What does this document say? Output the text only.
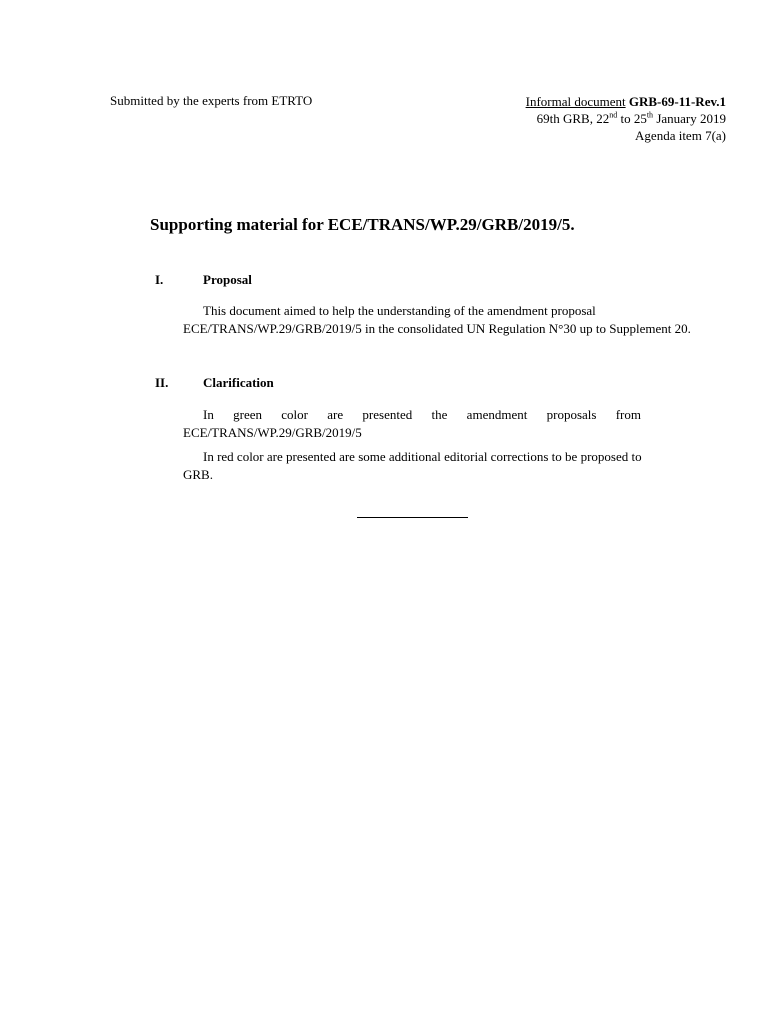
Submitted by the experts from ETRTO	Informal document GRB-69-11-Rev.1
69th GRB, 22nd to 25th January 2019
Agenda item 7(a)
Supporting material for ECE/TRANS/WP.29/GRB/2019/5.
I.	Proposal

This document aimed to help the understanding of the amendment proposal ECE/TRANS/WP.29/GRB/2019/5 in the consolidated UN Regulation N°30 up to Supplement 20.

II.	Clarification

In green color are presented the amendment proposals from ECE/TRANS/WP.29/GRB/2019/5

In red color are presented are some additional editorial corrections to be proposed to GRB.
